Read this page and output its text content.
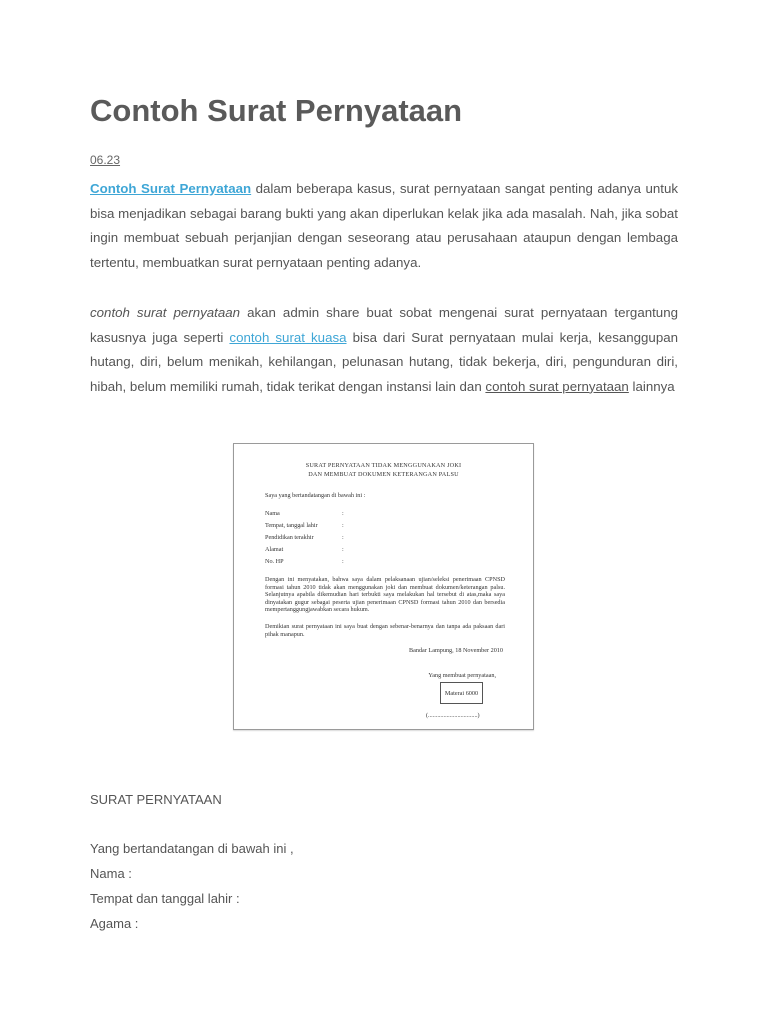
Contoh Surat Pernyataan
06.23

Contoh Surat Pernyataan dalam beberapa kasus, surat pernyataan sangat penting adanya untuk bisa menjadikan sebagai barang bukti yang akan diperlukan kelak jika ada masalah. Nah, jika sobat ingin membuat sebuah perjanjian dengan seseorang atau perusahaan ataupun dengan lembaga tertentu, membuatkan surat pernyataan penting adanya.

contoh surat pernyataan akan admin share buat sobat mengenai surat pernyataan tergantung kasusnya juga seperti contoh surat kuasa bisa dari Surat pernyataan mulai kerja, kesanggupan hutang, diri, belum menikah, kehilangan, pelunasan hutang, tidak bekerja, diri, pengunduran diri, hibah, belum memiliki rumah, tidak terikat dengan instansi lain dan contoh surat pernyataan lainnya

SURAT PERNYATAAN TIDAK MENGGUNAKAN JOKI
DAN MEMBUAT DOKUMEN KETERANGAN PALSU
Saya yang bertandatangan di bawah ini :
Nama	:
Tempat, tanggal lahir	:
Pendidikan terakhir	:
Alamat	:
No. HP	:
Dengan ini menyatakan, bahwa saya dalam pelaksanaan ujian/seleksi penerimaan CPNSD formasi tahun 2010 tidak akan menggunakan joki dan membuat dokumen/keterangan palsu. Selanjutnya apabila dikemudian hari terbukti saya melakukan hal tersebut di atas,maka saya dinyatakan gugur sebagai peserta ujian penerimaan CPNSD formasi tahun 2010 dan bersedia mempertanggungjawabkan secara hukum.
Demikian surat pernyataan ini saya buat dengan sebenar-benarnya dan tanpa ada paksaan dari pihak manapun.
Bandar Lampung, 18 November 2010
Yang membuat pernyataan,
Materai 6000
(................................)
SURAT PERNYATAAN
Yang bertandatangan di bawah ini ,
Nama :
Tempat dan tanggal lahir :
Agama :
